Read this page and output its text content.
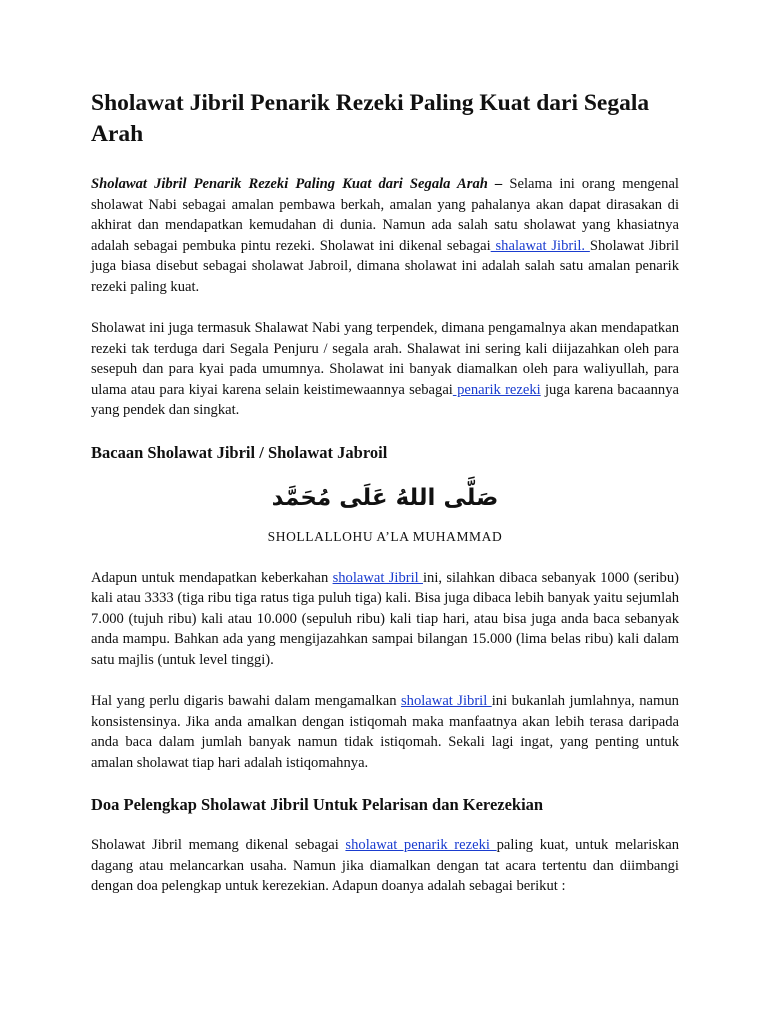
Sholawat Jibril Penarik Rezeki Paling Kuat dari Segala Arah

Sholawat Jibril Penarik Rezeki Paling Kuat dari Segala Arah – Selama ini orang mengenal sholawat Nabi sebagai amalan pembawa berkah, amalan yang pahalanya akan dapat dirasakan di akhirat dan mendapatkan kemudahan di dunia. Namun ada salah satu sholawat yang khasiatnya adalah sebagai pembuka pintu rezeki. Sholawat ini dikenal sebagai shalawat Jibril. Sholawat Jibril juga biasa disebut sebagai sholawat Jabroil, dimana sholawat ini adalah salah satu amalan penarik rezeki paling kuat.

Sholawat ini juga termasuk Shalawat Nabi yang terpendek, dimana pengamalnya akan mendapatkan rezeki tak terduga dari Segala Penjuru / segala arah. Shalawat ini sering kali diijazahkan oleh para sesepuh dan para kyai pada umumnya. Sholawat ini banyak diamalkan oleh para waliyullah, para ulama atau para kiyai karena selain keistimewaannya sebagai penarik rezeki juga karena bacaannya yang pendek dan singkat.

Bacaan Sholawat Jibril / Sholawat Jabroil
صَلَّى اللهُ عَلَى مُحَمَّد
SHOLLALLOHU A’LA MUHAMMAD

Adapun untuk mendapatkan keberkahan sholawat Jibril ini, silahkan dibaca sebanyak 1000 (seribu) kali atau 3333 (tiga ribu tiga ratus tiga puluh tiga) kali. Bisa juga dibaca lebih banyak yaitu sejumlah 7.000 (tujuh ribu) kali atau 10.000 (sepuluh ribu) kali tiap hari, atau bisa juga anda baca sebanyak anda mampu. Bahkan ada yang mengijazahkan sampai bilangan 15.000 (lima belas ribu) kali dalam satu majlis (untuk level tinggi).

Hal yang perlu digaris bawahi dalam mengamalkan sholawat Jibril ini bukanlah jumlahnya, namun konsistensinya. Jika anda amalkan dengan istiqomah maka manfaatnya akan lebih terasa daripada anda baca dalam jumlah banyak namun tidak istiqomah. Sekali lagi ingat, yang penting untuk amalan sholawat tiap hari adalah istiqomahnya.

Doa Pelengkap Sholawat Jibril Untuk Pelarisan dan Kerezekian

Sholawat Jibril memang dikenal sebagai sholawat penarik rezeki paling kuat, untuk melariskan dagang atau melancarkan usaha. Namun jika diamalkan dengan tat acara tertentu dan diimbangi dengan doa pelengkap untuk kerezekian. Adapun doanya adalah sebagai berikut :
